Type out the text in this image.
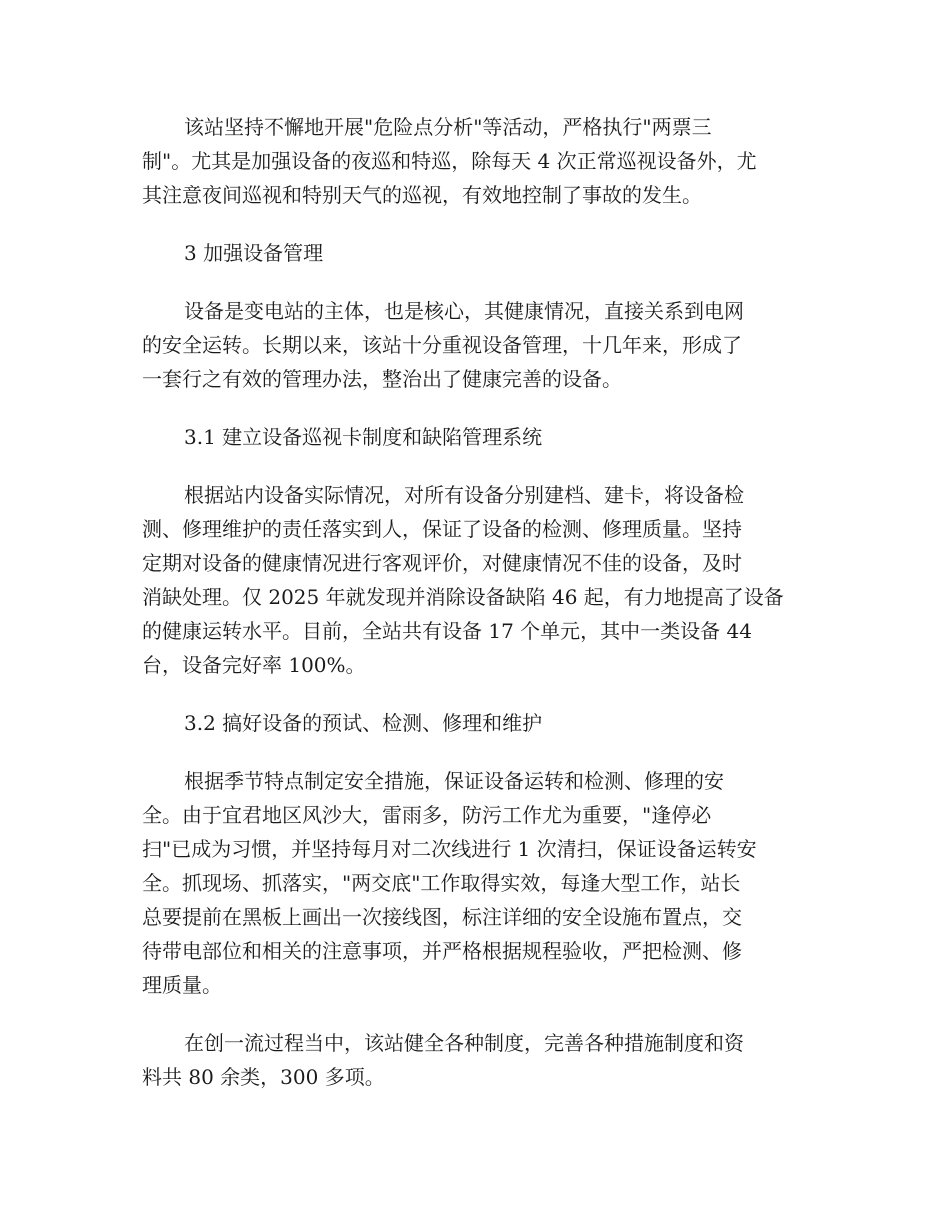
该站坚持不懈地开展"危险点分析"等活动，严格执行"两票三
制"。尤其是加强设备的夜巡和特巡，除每天 4 次正常巡视设备外，尤
其注意夜间巡视和特别天气的巡视，有效地控制了事故的发生。
3 加强设备管理
设备是变电站的主体，也是核心，其健康情况，直接关系到电网
的安全运转。长期以来，该站十分重视设备管理，十几年来，形成了
一套行之有效的管理办法，整治出了健康完善的设备。
3.1 建立设备巡视卡制度和缺陷管理系统
根据站内设备实际情况，对所有设备分别建档、建卡，将设备检
测、修理维护的责任落实到人，保证了设备的检测、修理质量。坚持
定期对设备的健康情况进行客观评价，对健康情况不佳的设备，及时
消缺处理。仅 2025 年就发现并消除设备缺陷 46 起，有力地提高了设备
的健康运转水平。目前，全站共有设备 17 个单元，其中一类设备 44
台，设备完好率 100%。
3.2 搞好设备的预试、检测、修理和维护
根据季节特点制定安全措施，保证设备运转和检测、修理的安
全。由于宜君地区风沙大，雷雨多，防污工作尤为重要，"逢停必
扫"已成为习惯，并坚持每月对二次线进行 1 次清扫，保证设备运转安
全。抓现场、抓落实，"两交底"工作取得实效，每逢大型工作，站长
总要提前在黑板上画出一次接线图，标注详细的安全设施布置点，交
待带电部位和相关的注意事项，并严格根据规程验收，严把检测、修
理质量。
在创一流过程当中，该站健全各种制度，完善各种措施制度和资
料共 80 余类，300 多项。
